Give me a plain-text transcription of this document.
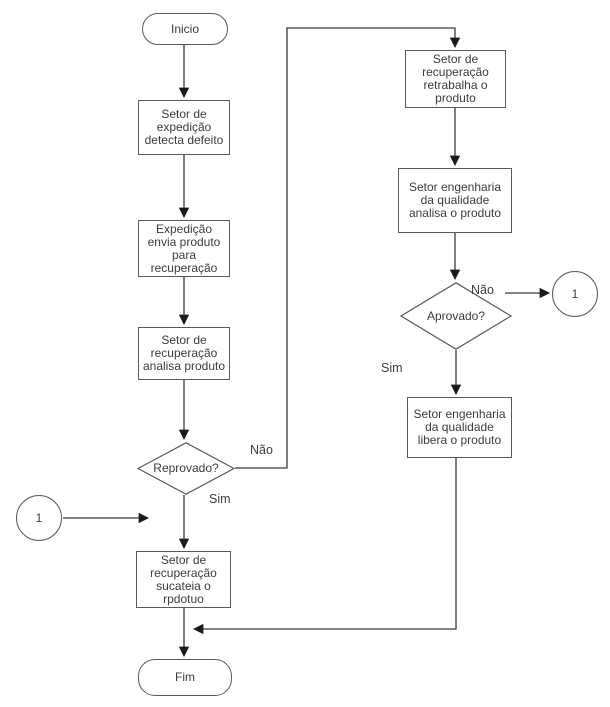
Inicio
Setor de expedição detecta defeito
Expedição envia produto para recuperação
Setor de recuperação analisa produto
Reprovado?
Setor de recuperação sucateia o rpdotuo
Fim
Setor de recuperação retrabalha o produto
Setor engenharia da qualidade analisa o produto
Aprovado?
Setor engenharia da qualidade libera o produto
1
1
Não
Sim
Não
Sim
